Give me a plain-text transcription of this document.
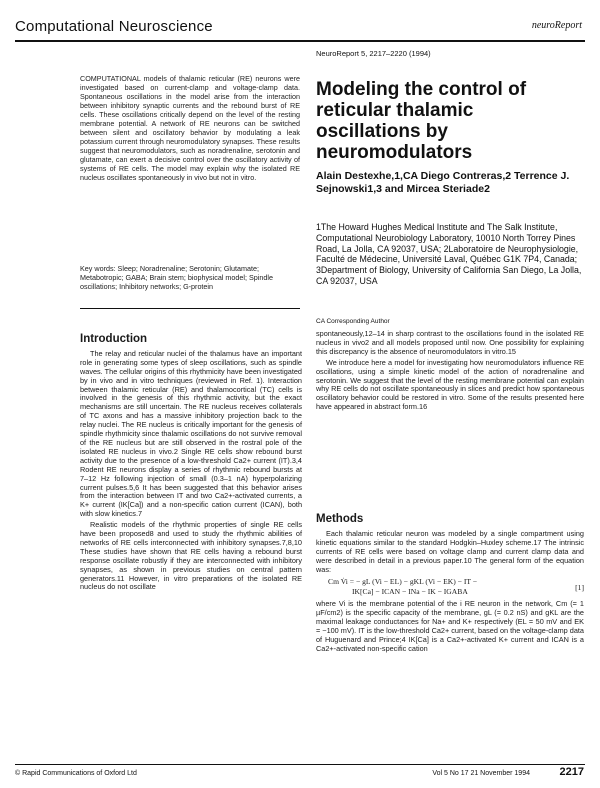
Computational Neuroscience	neuroReport
NeuroReport 5, 2217–2220 (1994)
Modeling the control of reticular thalamic oscillations by neuromodulators
Alain Destexhe,1,CA Diego Contreras,2 Terrence J. Sejnowski1,3 and Mircea Steriade2
1The Howard Hughes Medical Institute and The Salk Institute, Computational Neurobiology Laboratory, 10010 North Torrey Pines Road, La Jolla, CA 92037, USA; 2Laboratoire de Neurophysiologie, Faculté de Médecine, Université Laval, Québec G1K 7P4, Canada; 3Department of Biology, University of California San Diego, La Jolla, CA 92037, USA
CA Corresponding Author
COMPUTATIONAL models of thalamic reticular (RE) neurons were investigated based on current-clamp and voltage-clamp data. Spontaneous oscillations in the model arise from the interaction between inhibitory synaptic currents and the rebound burst of RE cells. These oscillations critically depend on the level of the resting membrane potential. A network of RE neurons can be switched between silent and oscillatory behavior by modulating a leak potassium current through neuromodulatory synapses. These results suggest that neuromodulators, such as noradrenaline, serotonin and glutamate, can exert a decisive control over the oscillatory activity of systems of RE cells. The model may explain why the isolated RE nucleus oscillates spontaneously in vivo but not in vitro.
Key words: Sleep; Noradrenaline; Serotonin; Glutamate; Metabotropic; GABA; Brain stem; biophysical model; Spindle oscillations; Inhibitory networks; G-protein
Introduction

The relay and reticular nuclei of the thalamus have an important role in generating some types of sleep oscillations, such as spindle waves. The cellular origins of this rhythmicity have been investigated by in vivo and in vitro techniques (reviewed in Ref. 1). Interaction between thalamic reticular (RE) and thalamocortical (TC) cells is involved in the genesis of this rhythmic activity, but the exact mechanisms are still uncertain. The RE nucleus receives collaterals of TC axons and has a massive inhibitory projection back to the relay nuclei. The RE nucleus is critically important for the genesis of spindle rhythmicity since thalamic oscillations do not survive removal of the RE nucleus but are still observed in the rostral pole of the isolated RE nucleus in vivo.2 Single RE cells show rebound burst activity due to the presence of a low-threshold Ca2+ current (IT).3,4 Rodent RE neurons display a series of rhythmic rebound bursts at 7–12 Hz following injection of small (0.3–1 nA) hyperpolarizing current pulses.5,6 It has been suggested that this behavior arises from the interaction between IT and two Ca2+-activated currents, a K+ current (IK[Ca]) and a non-specific cation current (ICAN), both with slow kinetics.7

Realistic models of the rhythmic properties of single RE cells have been proposed8 and used to study the rhythmic abilities of networks of RE cells interconnected with inhibitory synapses.7,8,10 These studies have shown that RE cells having a rebound burst response oscillate robustly if they are interconnected with inhibitory synapses, as shown in previous studies on central pattern generators.11 However, in vitro preparations of the isolated RE nucleus do not oscillate

spontaneously,12–14 in sharp contrast to the oscillations found in the isolated RE nucleus in vivo2 and all models proposed until now. One possibility for explaining this discrepancy is the absence of neuromodulators in vitro.15

We introduce here a model for investigating how neuromodulators influence RE oscillations, using a simple kinetic model of the action of noradrenaline and serotonin. We suggest that the level of the resting membrane potential can explain why RE cells do not oscillate spontaneously in slices and predict how spontaneous oscillatory behavior could be restored in vitro. Some of the results presented here have appeared in abstract form.16

Methods

Each thalamic reticular neuron was modeled by a single compartment using kinetic equations similar to the standard Hodgkin–Huxley scheme.17 The intrinsic currents of RE cells were based on voltage clamp and current clamp data and were described in detail in a previous paper.10 The general form of the equation was:

Cm V̇i = − gL (Vi − EL) − gKL (Vi − EK) − IT −
IK[Ca] − ICAN − INa − IK − IGABA	[1]

where Vi is the membrane potential of the i RE neuron in the network, Cm (= 1 µF/cm2) is the specific capacity of the membrane, gL (= 0.2 nS) and gKL are the maximal leakage conductances for Na+ and K+ respectively (EL = 50 mV and EK = −100 mV). IT is the low-threshold Ca2+ current, based on the voltage-clamp data of Huguenard and Prince;4 IK[Ca] is a Ca2+-activated K+ current and ICAN is a Ca2+-activated non-specific cation

© Rapid Communications of Oxford Ltd	Vol 5 No 17 21 November 1994	2217
